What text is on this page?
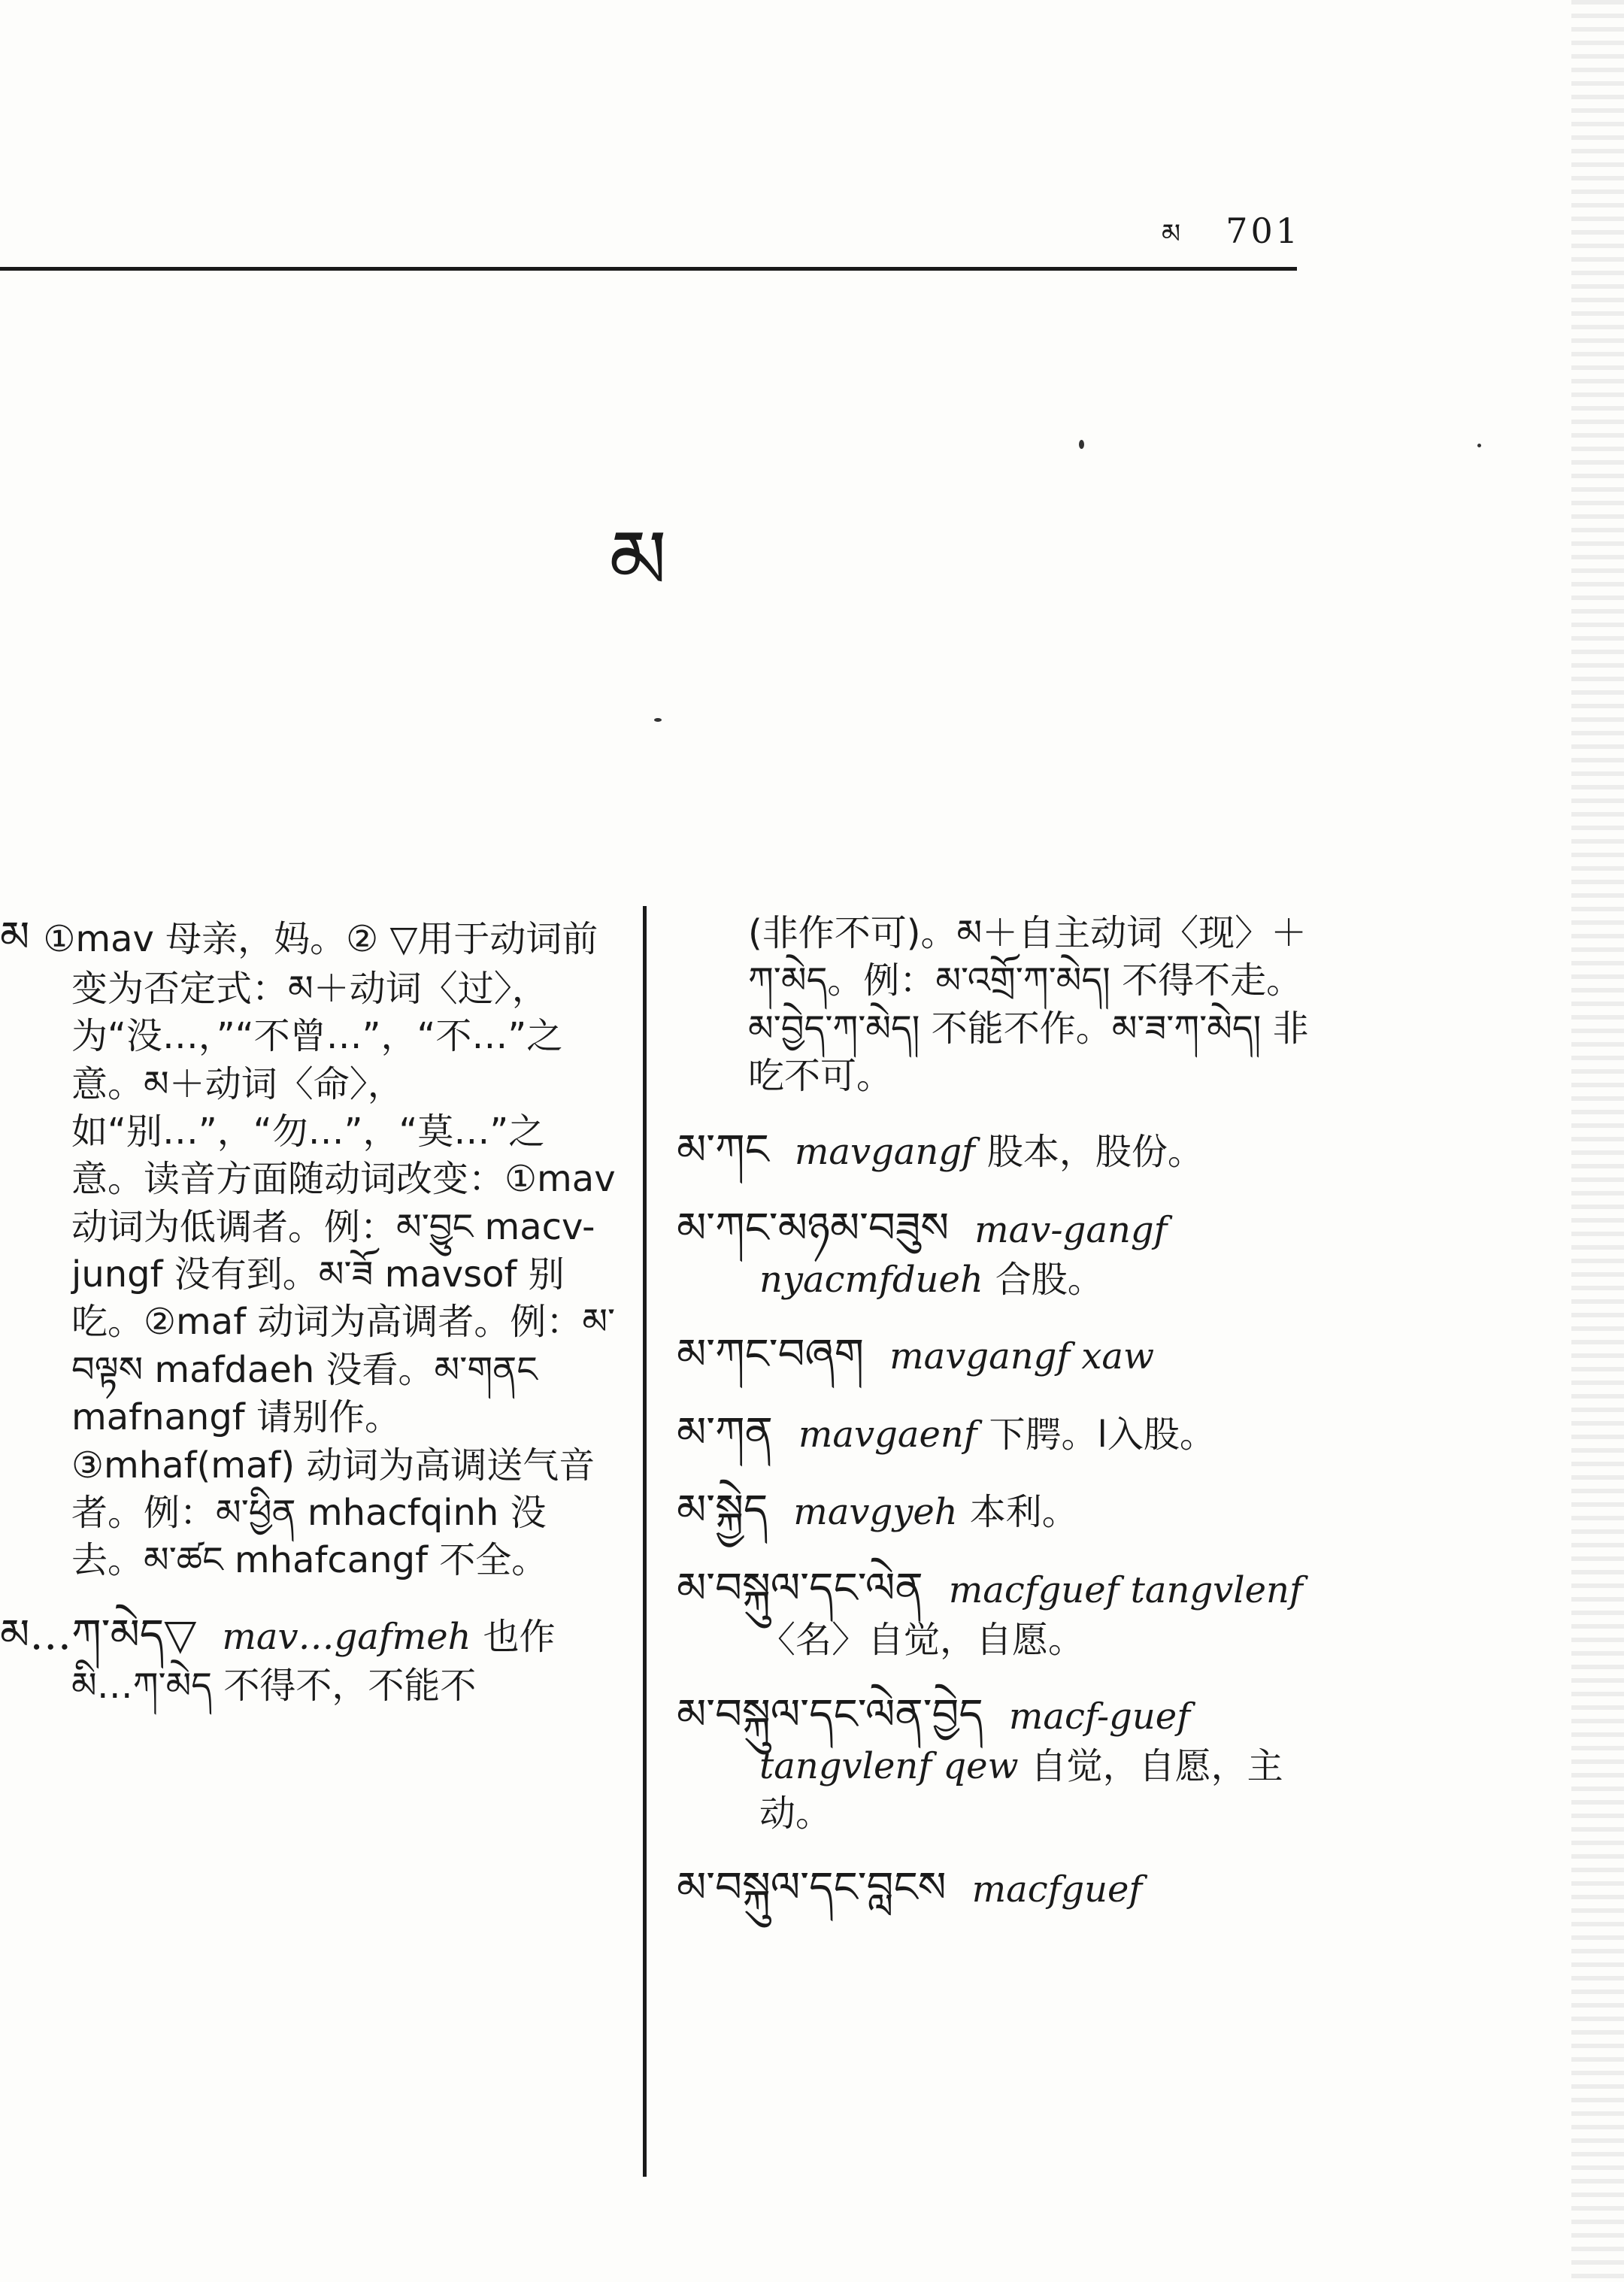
མ 701
མ
མ ①mav 母亲，妈。② ▽用于动词前变为否定式：མ＋动词〈过〉，为“没…，”“不曾…”，“不…”之意。མ＋动词〈命〉，如“别…”，“勿…”，“莫…”之意。读音方面随动词改变：①mav 动词为低调者。例：མ་བྱུང macv-jungf 没有到。མ་ཟོ mavsof 别吃。②maf 动词为高调者。例：མ་བལྟས mafdaeh 没看。མ་གནང mafnangf 请别作。③mhaf(maf) 动词为高调送气音者。例：མ་ཕྱིན mhacfqinh 没去。མ་ཚང mhafcangf 不全。
མ…ཀ་མེད▽ mav…gafmeh 也作 མི…ཀ་མེད 不得不，不能不
(非作不可)。མ＋自主动词〈现〉＋ཀ་མེད。例：མ་འགྲོ་ཀ་མེད། 不得不走。མ་བྱེད་ཀ་མེད། 不能不作。མ་ཟ་ཀ་མེད། 非吃不可。
མ་ཀང mavgangf 股本，股份。
མ་ཀང་མཉམ་བཟུས mav-gangf nyacmfdueh 合股。
མ་ཀང་བཞག mavgangf xaw
མ་ཀན mavgaenf 下腭。l入股。
མ་སྐྱེད mavgyeh 本利。
མ་བསྐུལ་དང་ལེན macfguef tangvlenf〈名〉自觉，自愿。
མ་བསྐུལ་དང་ལེན་བྱེད macf-guef tangvlenf qew 自觉，自愿，主动。
མ་བསྐུལ་དང་བླངས macfguef
